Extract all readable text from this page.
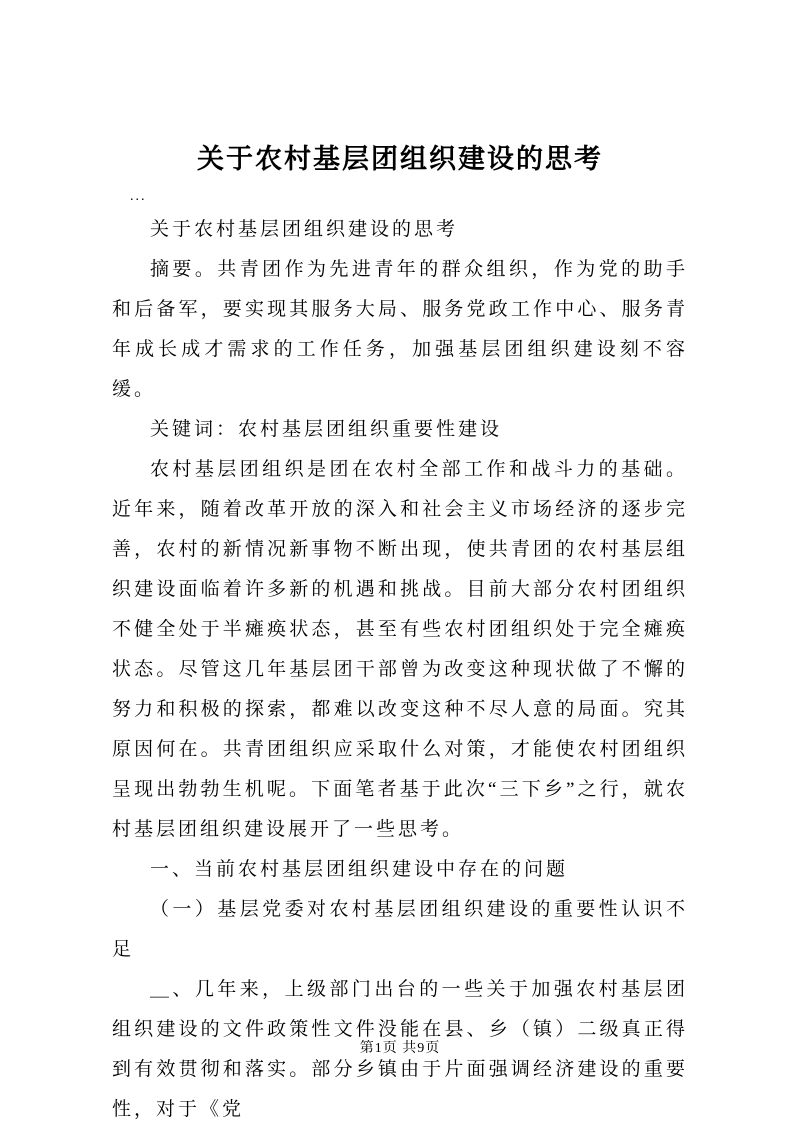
关于农村基层团组织建设的思考

...

关于农村基层团组织建设的思考

摘要。共青团作为先进青年的群众组织，作为党的助手和后备军，要实现其服务大局、服务党政工作中心、服务青年成长成才需求的工作任务，加强基层团组织建设刻不容缓。

关键词：农村基层团组织重要性建设

农村基层团组织是团在农村全部工作和战斗力的基础。近年来，随着改革开放的深入和社会主义市场经济的逐步完善，农村的新情况新事物不断出现，使共青团的农村基层组织建设面临着许多新的机遇和挑战。目前大部分农村团组织不健全处于半瘫痪状态，甚至有些农村团组织处于完全瘫痪状态。尽管这几年基层团干部曾为改变这种现状做了不懈的努力和积极的探索，都难以改变这种不尽人意的局面。究其原因何在。共青团组织应采取什么对策，才能使农村团组织呈现出勃勃生机呢。下面笔者基于此次“三下乡”之行，就农村基层团组织建设展开了一些思考。

一、当前农村基层团组织建设中存在的问题

（一）基层党委对农村基层团组织建设的重要性认识不足

＿、几年来，上级部门出台的一些关于加强农村基层团组织建设的文件政策性文件没能在县、乡（镇）二级真正得到有效贯彻和落实。部分乡镇由于片面强调经济建设的重要性，对于《党

第1页 共9页
